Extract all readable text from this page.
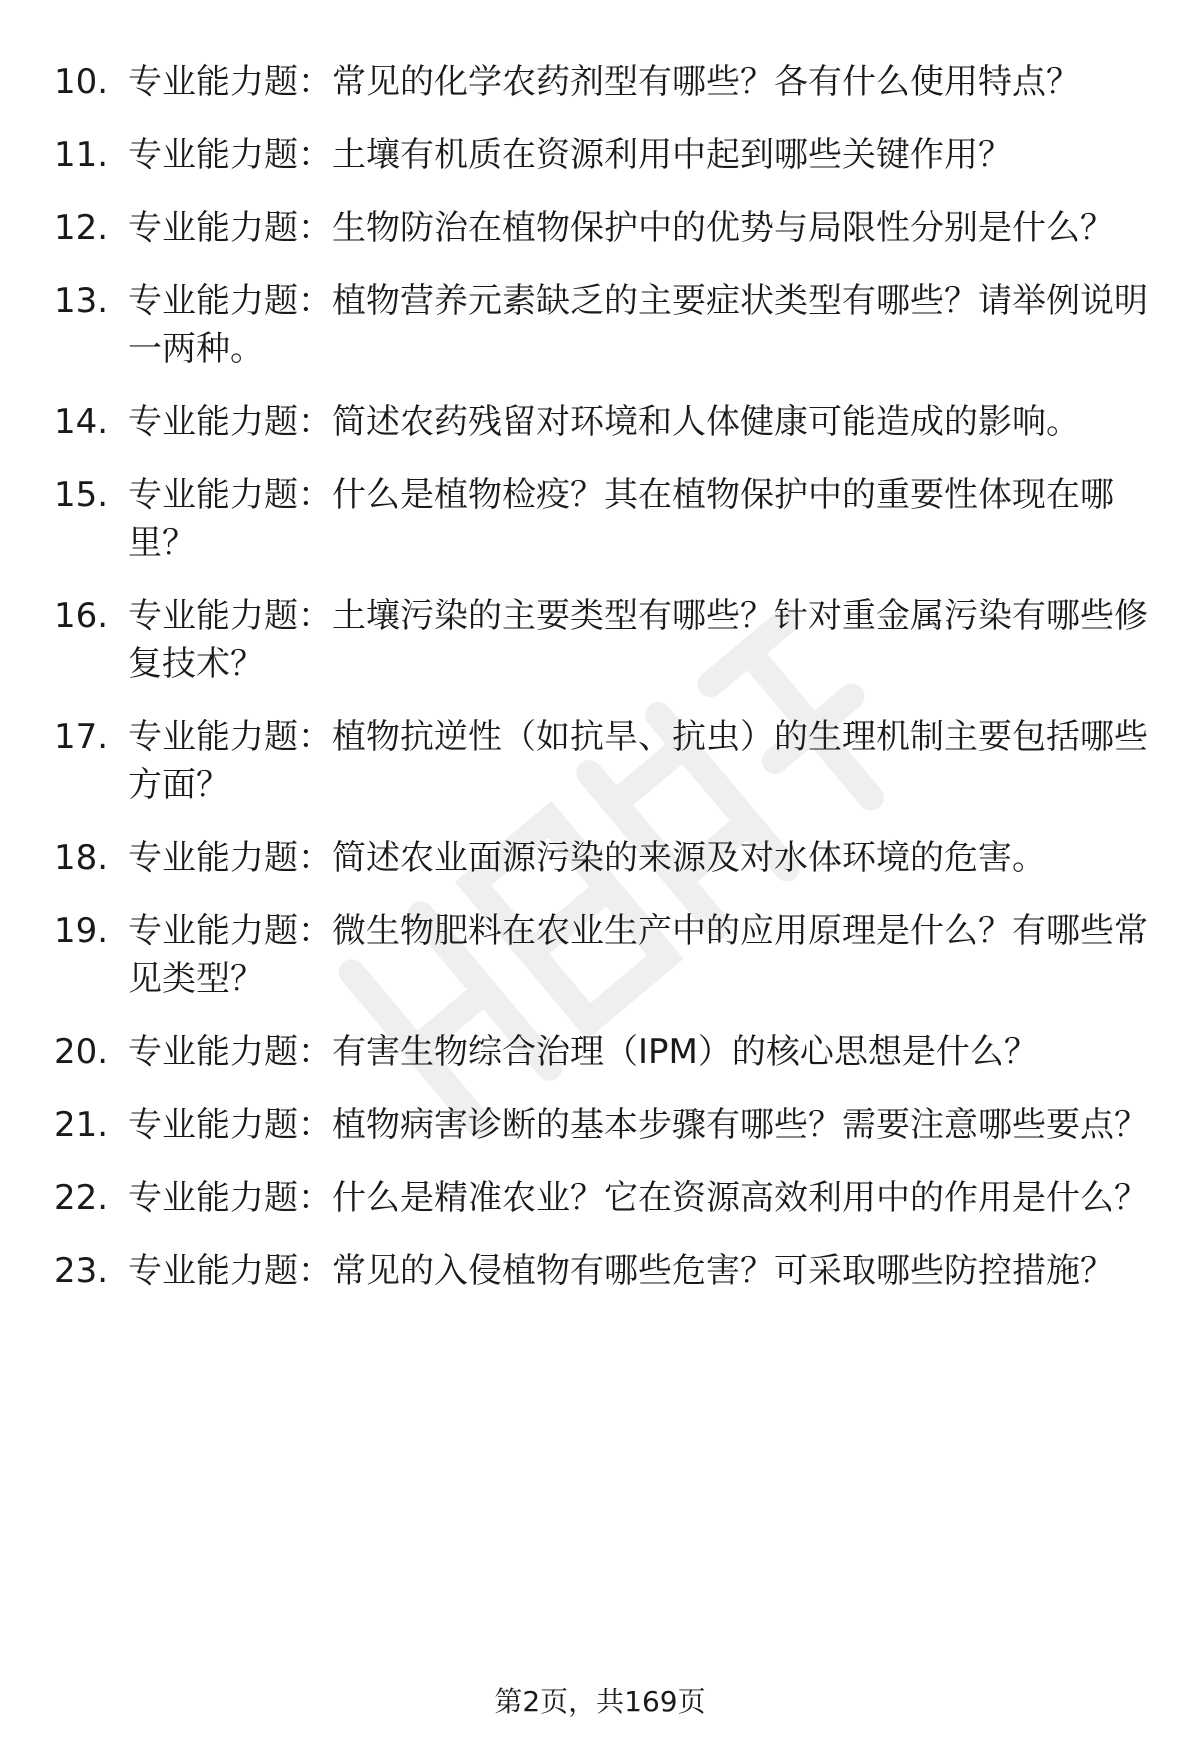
10. 专业能力题：常见的化学农药剂型有哪些？各有什么使用特点？
11. 专业能力题：土壤有机质在资源利用中起到哪些关键作用？
12. 专业能力题：生物防治在植物保护中的优势与局限性分别是什么？
13. 专业能力题：植物营养元素缺乏的主要症状类型有哪些？请举例说明一两种。
14. 专业能力题：简述农药残留对环境和人体健康可能造成的影响。
15. 专业能力题：什么是植物检疫？其在植物保护中的重要性体现在哪里？
16. 专业能力题：土壤污染的主要类型有哪些？针对重金属污染有哪些修复技术？
17. 专业能力题：植物抗逆性（如抗旱、抗虫）的生理机制主要包括哪些方面？
18. 专业能力题：简述农业面源污染的来源及对水体环境的危害。
19. 专业能力题：微生物肥料在农业生产中的应用原理是什么？有哪些常见类型？
20. 专业能力题：有害生物综合治理（IPM）的核心思想是什么？
21. 专业能力题：植物病害诊断的基本步骤有哪些？需要注意哪些要点？
22. 专业能力题：什么是精准农业？它在资源高效利用中的作用是什么？
23. 专业能力题：常见的入侵植物有哪些危害？可采取哪些防控措施？
第2页，共169页
